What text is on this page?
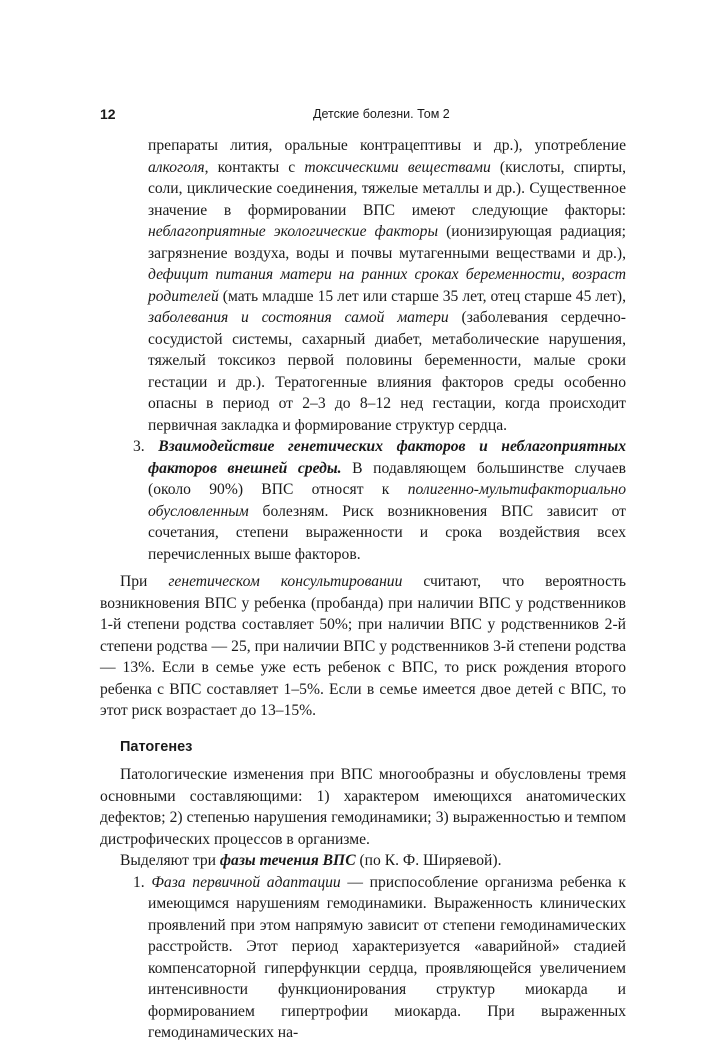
12	Детские болезни. Том 2

препараты лития, оральные контрацептивы и др.), употребление алкоголя, контакты с токсическими веществами (кислоты, спирты, соли, циклические соединения, тяжелые металлы и др.). Существенное значение в формировании ВПС имеют следующие факторы: неблагоприятные экологические факторы (ионизирующая радиация; загрязнение воздуха, воды и почвы мутагенными веществами и др.), дефицит питания матери на ранних сроках беременности, возраст родителей (мать младше 15 лет или старше 35 лет, отец старше 45 лет), заболевания и состояния самой матери (заболевания сердечно-сосудистой системы, сахарный диабет, метаболические нарушения, тяжелый токсикоз первой половины беременности, малые сроки гестации и др.). Тератогенные влияния факторов среды особенно опасны в период от 2–3 до 8–12 нед гестации, когда происходит первичная закладка и формирование структур сердца.

3. Взаимодействие генетических факторов и неблагоприятных факторов внешней среды. В подавляющем большинстве случаев (около 90%) ВПС относят к полигенно-мультифакториально обусловленным болезням. Риск возникновения ВПС зависит от сочетания, степени выраженности и срока воздействия всех перечисленных выше факторов.

При генетическом консультировании считают, что вероятность возникновения ВПС у ребенка (пробанда) при наличии ВПС у родственников 1-й степени родства составляет 50%; при наличии ВПС у родственников 2-й степени родства — 25, при наличии ВПС у родственников 3-й степени родства — 13%. Если в семье уже есть ребенок с ВПС, то риск рождения второго ребенка с ВПС составляет 1–5%. Если в семье имеется двое детей с ВПС, то этот риск возрастает до 13–15%.

Патогенез

Патологические изменения при ВПС многообразны и обусловлены тремя основными составляющими: 1) характером имеющихся анатомических дефектов; 2) степенью нарушения гемодинамики; 3) выраженностью и темпом дистрофических процессов в организме.

Выделяют три фазы течения ВПС (по К. Ф. Ширяевой).

1. Фаза первичной адаптации — приспособление организма ребенка к имеющимся нарушениям гемодинамики. Выраженность клинических проявлений при этом напрямую зависит от степени гемодинамических расстройств. Этот период характеризуется «аварийной» стадией компенсаторной гиперфункции сердца, проявляющейся увеличением интенсивности функционирования структур миокарда и формированием гипертрофии миокарда. При выраженных гемодинамических на-
